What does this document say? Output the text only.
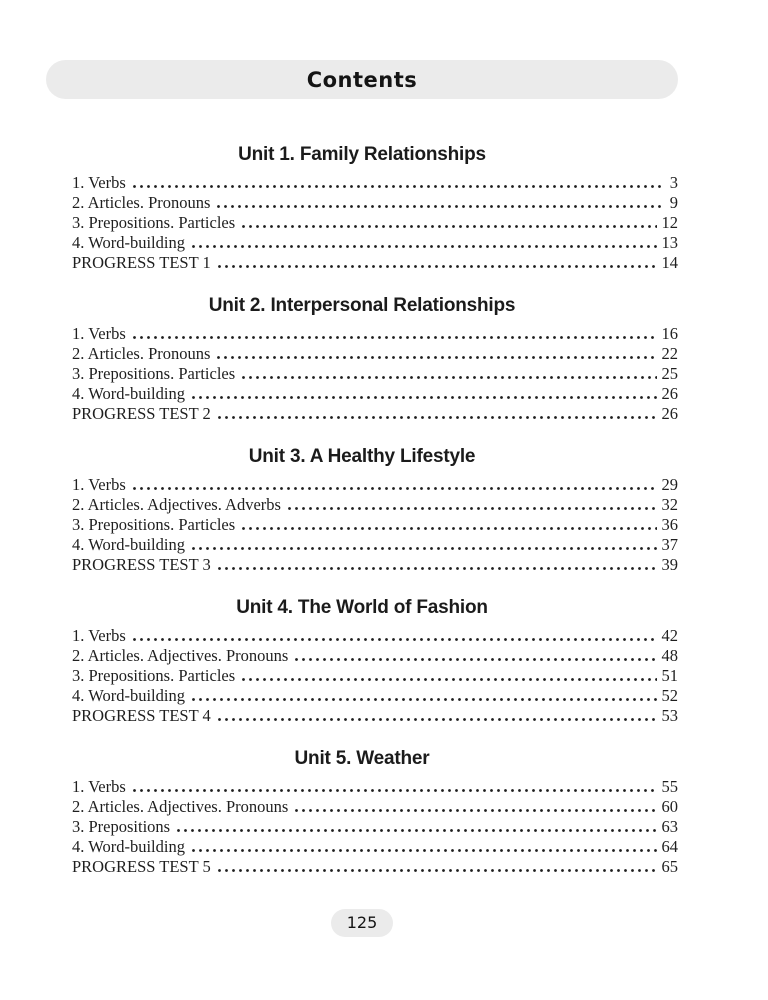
Contents
Unit 1. Family Relationships
1. Verbs	3
2. Articles. Pronouns	9
3. Prepositions. Particles	12
4. Word-building	13
PROGRESS TEST 1	14
Unit 2. Interpersonal Relationships
1. Verbs	16
2. Articles. Pronouns	22
3. Prepositions. Particles	25
4. Word-building	26
PROGRESS TEST 2	26
Unit 3. A Healthy Lifestyle
1. Verbs	29
2. Articles. Adjectives. Adverbs	32
3. Prepositions. Particles	36
4. Word-building	37
PROGRESS TEST 3	39
Unit 4. The World of Fashion
1. Verbs	42
2. Articles. Adjectives. Pronouns	48
3. Prepositions. Particles	51
4. Word-building	52
PROGRESS TEST 4	53
Unit 5. Weather
1. Verbs	55
2. Articles. Adjectives. Pronouns	60
3. Prepositions	63
4. Word-building	64
PROGRESS TEST 5	65
125
